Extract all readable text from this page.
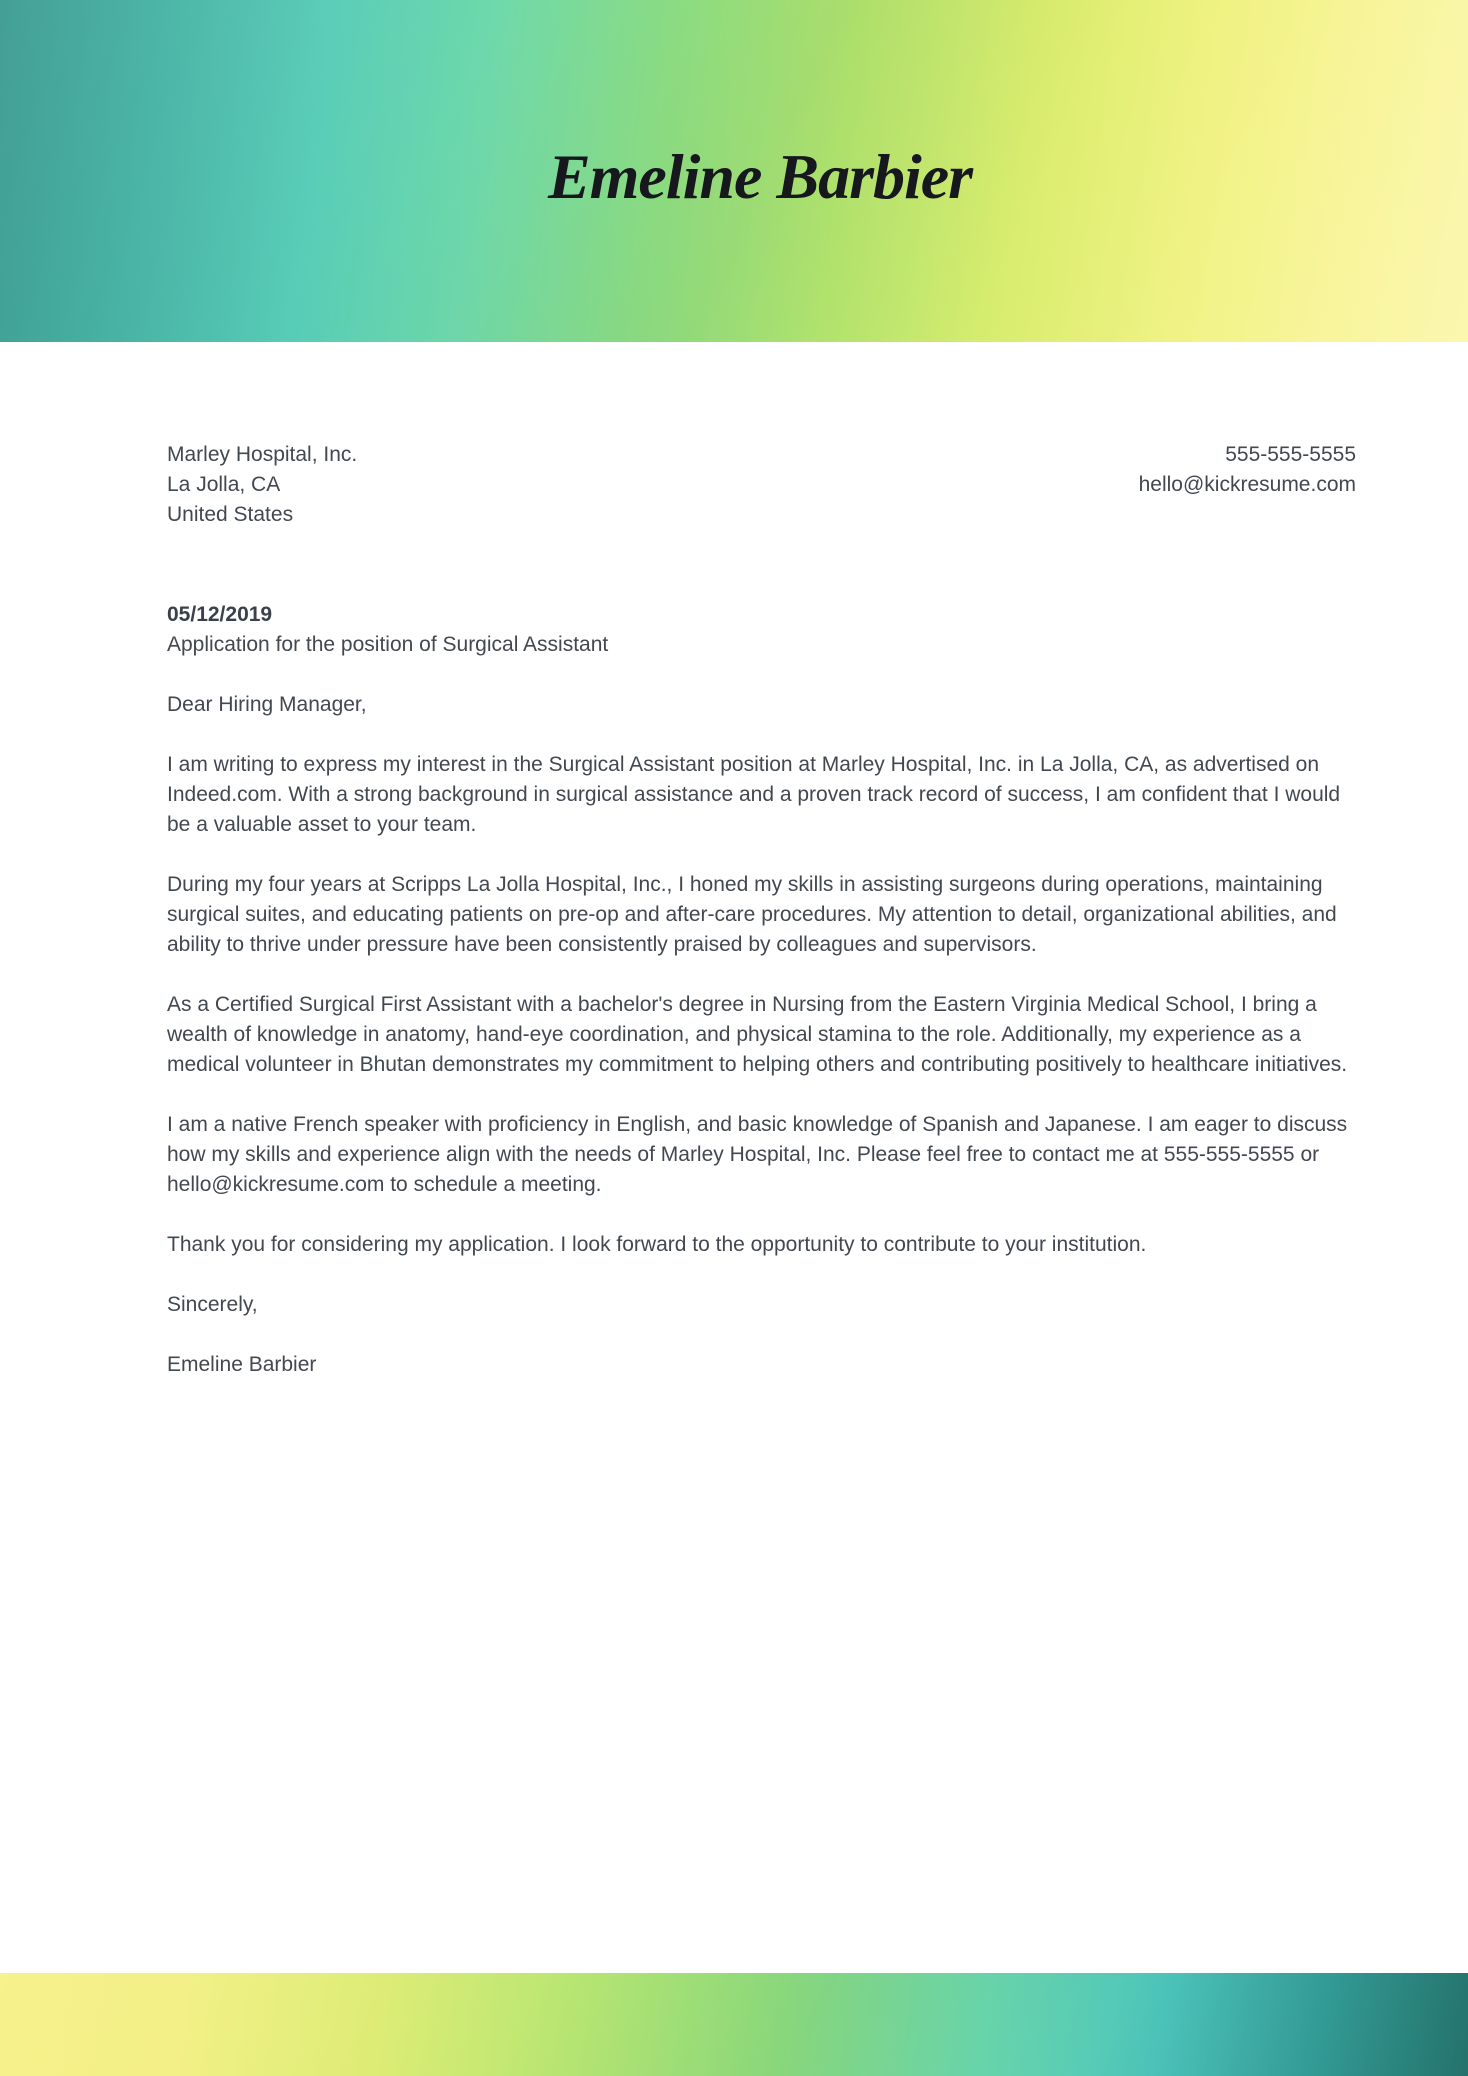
Emeline Barbier
Marley Hospital, Inc.
La Jolla, CA
United States
555-555-5555
hello@kickresume.com
05/12/2019
Application for the position of Surgical Assistant

Dear Hiring Manager,

I am writing to express my interest in the Surgical Assistant position at Marley Hospital, Inc. in La Jolla, CA, as advertised on Indeed.com. With a strong background in surgical assistance and a proven track record of success, I am confident that I would be a valuable asset to your team.

During my four years at Scripps La Jolla Hospital, Inc., I honed my skills in assisting surgeons during operations, maintaining surgical suites, and educating patients on pre-op and after-care procedures. My attention to detail, organizational abilities, and ability to thrive under pressure have been consistently praised by colleagues and supervisors.

As a Certified Surgical First Assistant with a bachelor's degree in Nursing from the Eastern Virginia Medical School, I bring a wealth of knowledge in anatomy, hand-eye coordination, and physical stamina to the role. Additionally, my experience as a medical volunteer in Bhutan demonstrates my commitment to helping others and contributing positively to healthcare initiatives.

I am a native French speaker with proficiency in English, and basic knowledge of Spanish and Japanese. I am eager to discuss how my skills and experience align with the needs of Marley Hospital, Inc. Please feel free to contact me at 555-555-5555 or hello@kickresume.com to schedule a meeting.

Thank you for considering my application. I look forward to the opportunity to contribute to your institution.

Sincerely,

Emeline Barbier
